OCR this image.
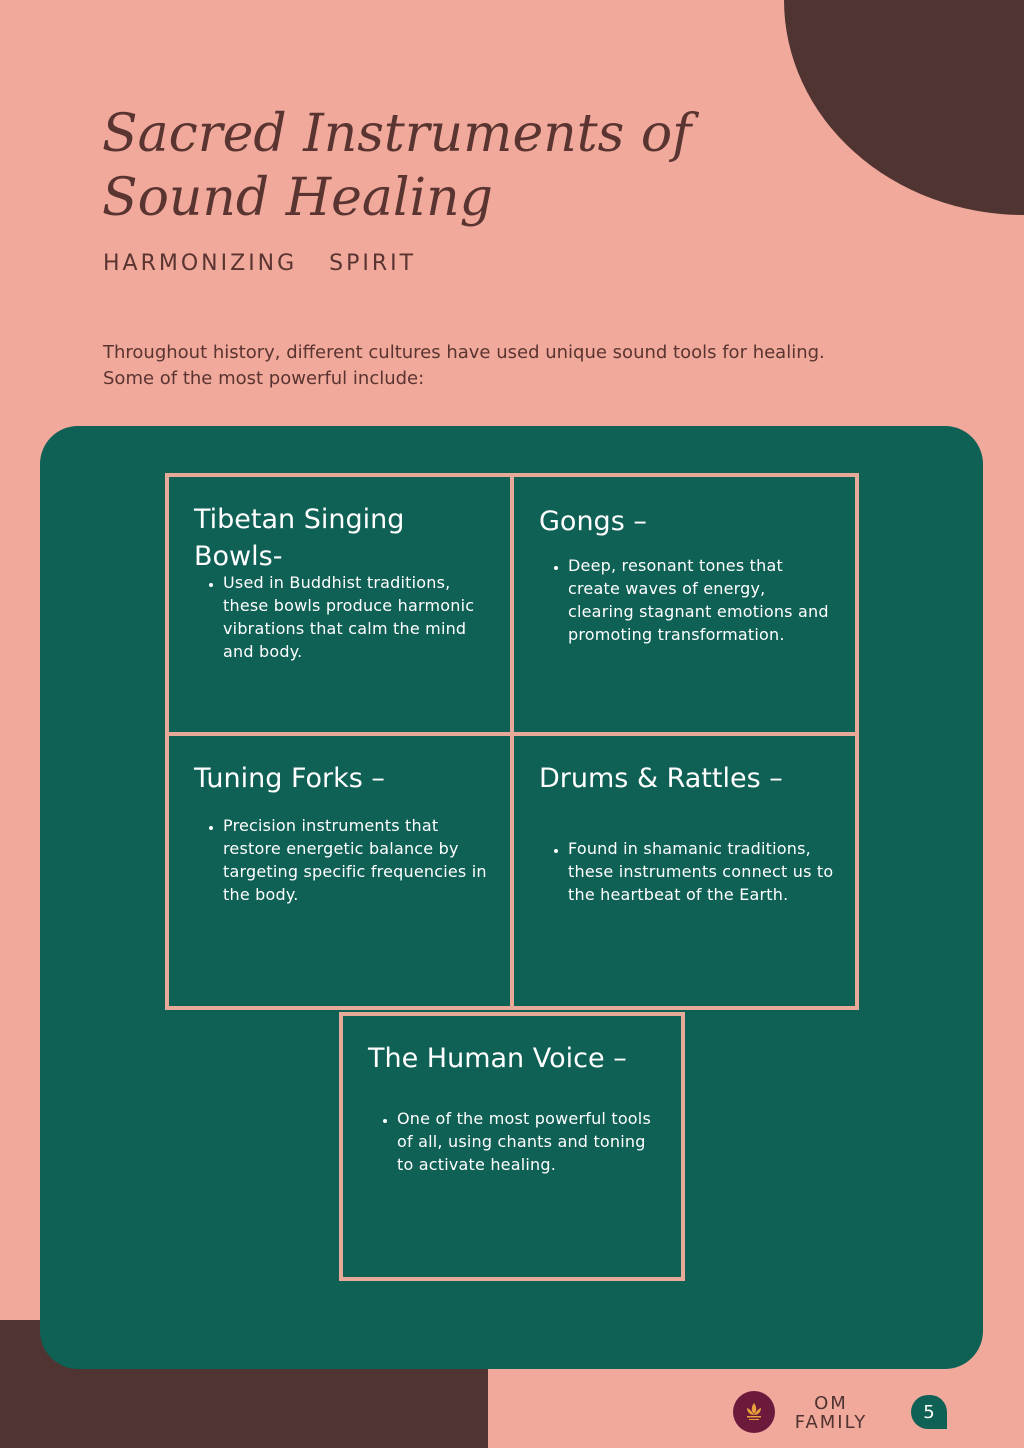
Sacred Instruments of
Sound Healing
HARMONIZING  SPIRIT

Throughout history, different cultures have used unique sound tools for healing. Some of the most powerful include:

Tibetan Singing Bowls-
• Used in Buddhist traditions, these bowls produce harmonic vibrations that calm the mind and body.
Gongs –
• Deep, resonant tones that create waves of energy, clearing stagnant emotions and promoting transformation.
Tuning Forks –
• Precision instruments that restore energetic balance by targeting specific frequencies in the body.
Drums & Rattles –
• Found in shamanic traditions, these instruments connect us to the heartbeat of the Earth.
The Human Voice –
• One of the most powerful tools of all, using chants and toning to activate healing.
OM
FAMILY	5
